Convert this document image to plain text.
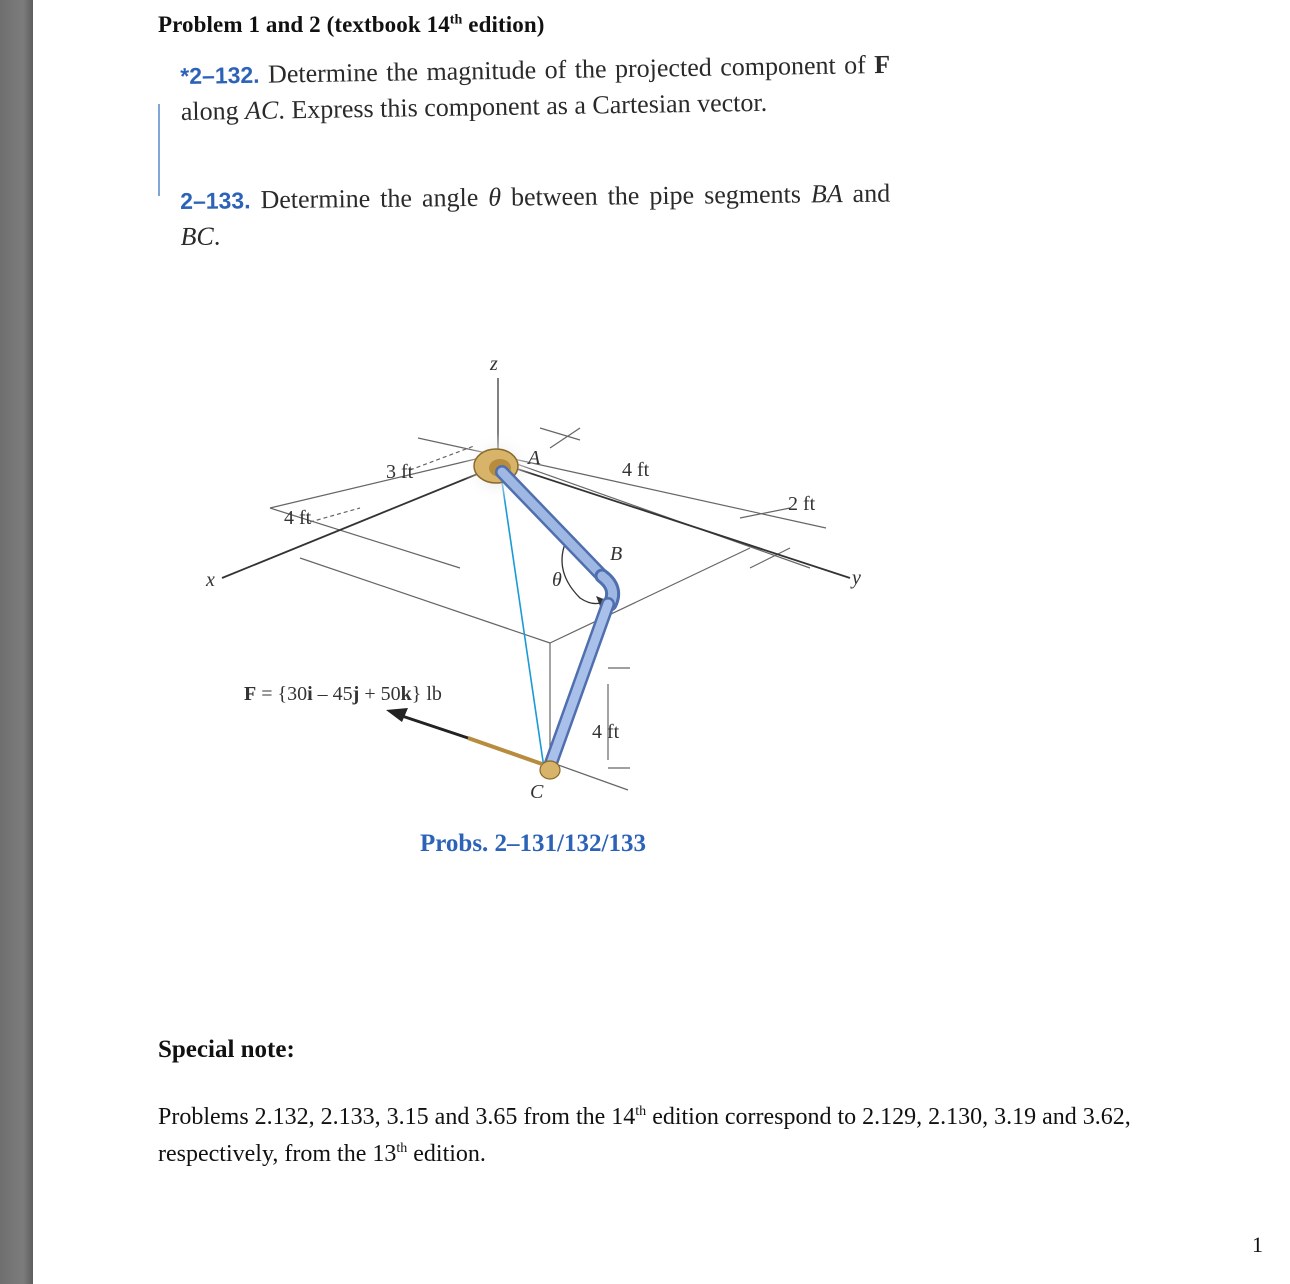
Problem 1 and 2 (textbook 14th edition)
*2–132. Determine the magnitude of the projected component of F along AC. Express this component as a Cartesian vector.
2–133. Determine the angle θ between the pipe segments BA and BC.
z
x	y
A
B
C
θ
3 ft
4 ft
4 ft
2 ft
4 ft
F = {30i – 45j + 50k} lb
Probs. 2–131/132/133
Special note:
Problems 2.132, 2.133, 3.15 and 3.65 from the 14th edition correspond to 2.129, 2.130, 3.19 and 3.62, respectively, from the 13th edition.
1
